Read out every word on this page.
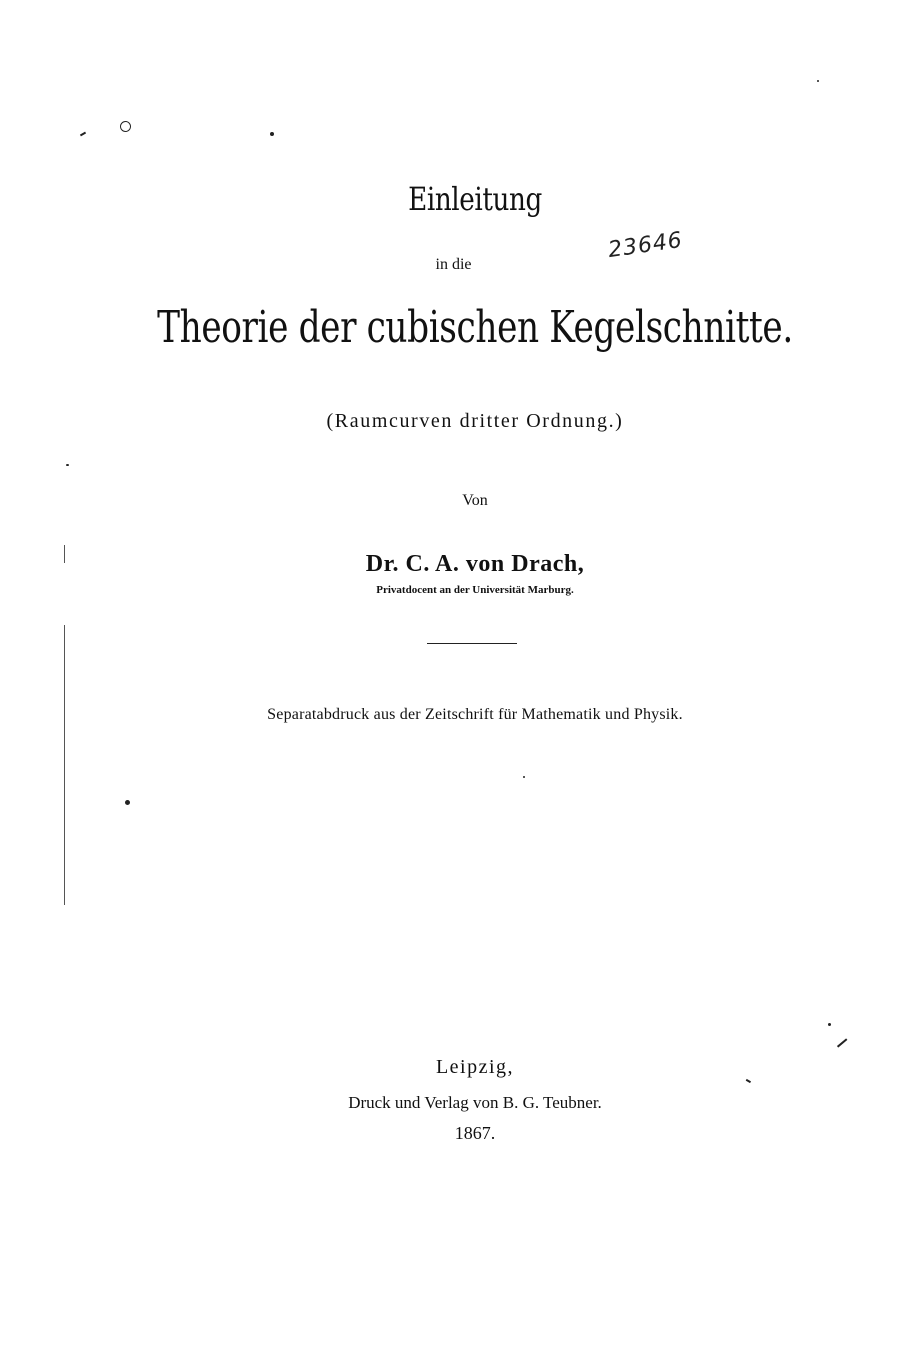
Einleitung
in die
Theorie der cubischen Kegelschnitte.
23646
(Raumcurven dritter Ordnung.)
Von
Dr. C. A. von Drach,
Privatdocent an der Universität Marburg.
Separatabdruck aus der Zeitschrift für Mathematik und Physik.
Leipzig,
Druck und Verlag von B. G. Teubner.
1867.
